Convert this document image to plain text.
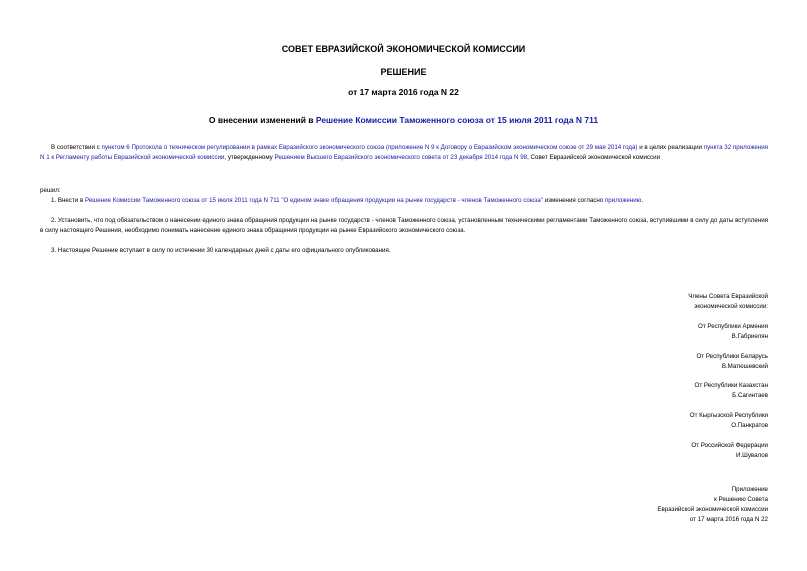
СОВЕТ ЕВРАЗИЙСКОЙ ЭКОНОМИЧЕСКОЙ КОМИССИИ
РЕШЕНИЕ
от 17 марта 2016 года N 22
О внесении изменений в Решение Комиссии Таможенного союза от 15 июля 2011 года N 711
В соответствии с пунктом 6 Протокола о техническом регулировании в рамках Евразийского экономического союза (приложение N 9 к Договору о Евразийском экономическом союзе от 29 мая 2014 года) и в целях реализации пункта 32 приложения N 1 к Регламенту работы Евразийской экономической комиссии, утвержденному Решением Высшего Евразийского экономического совета от 23 декабря 2014 года N 98, Совет Евразийской экономической комиссии
решил:
1. Внести в Решение Комиссии Таможенного союза от 15 июля 2011 года N 711 "О едином знаке обращения продукции на рынке государств - членов Таможенного союза" изменения согласно приложению.
2. Установить, что под обязательством о нанесении единого знака обращения продукции на рынке государств - членов Таможенного союза, установленным техническими регламентами Таможенного союза, вступившими в силу до даты вступления в силу настоящего Решения, необходимо понимать нанесение единого знака обращения продукции на рынке Евразийского экономического союза.
3. Настоящее Решение вступает в силу по истечении 30 календарных дней с даты его официального опубликования.
Члены Совета Евразийской
экономической комиссии:
От Республики Армения
В.Габриелян
От Республики Беларусь
В.Матюшевский
От Республики Казахстан
Б.Сагинтаев
От Кыргызской Республики
О.Панкратов
От Российской Федерации
И.Шувалов
Приложение
к Решению Совета
Евразийской экономической комиссии
от 17 марта 2016 года N 22
